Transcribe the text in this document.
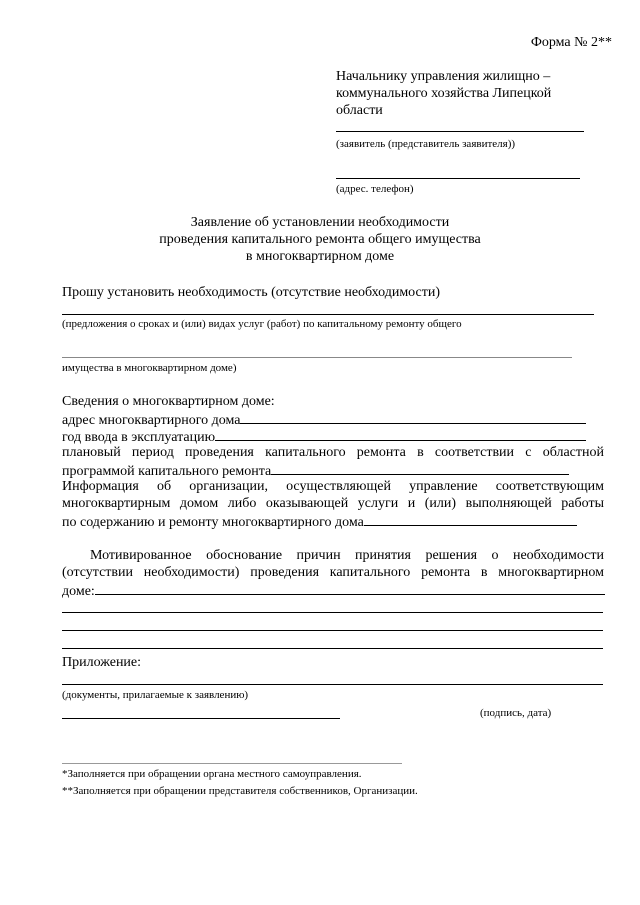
Форма № 2**
Начальнику управления жилищно –
коммунального хозяйства Липецкой
области
(заявитель (представитель заявителя))
(адрес. телефон)
Заявление об установлении необходимости
проведения капитального ремонта общего имущества
в многоквартирном доме
Прошу установить необходимость (отсутствие необходимости)
(предложения о сроках и (или) видах услуг (работ) по капитальному ремонту общего
имущества в многоквартирном доме)
Сведения о многоквартирном доме:
адрес многоквартирного дома
год ввода в эксплуатацию
плановый период проведения капитального ремонта в соответствии с областной
программой капитального ремонта
Информация об организации, осуществляющей управление соответствующим
многоквартирным домом либо оказывающей услуги и (или) выполняющей работы
по содержанию и ремонту многоквартирного дома
Мотивированное обоснование причин принятия решения о необходимости
(отсутствии необходимости) проведения капитального ремонта в многоквартирном
доме:
Приложение:
(документы, прилагаемые к заявлению)
(подпись, дата)
*Заполняется при обращении органа местного самоуправления.
**Заполняется при обращении представителя собственников, Организации.
